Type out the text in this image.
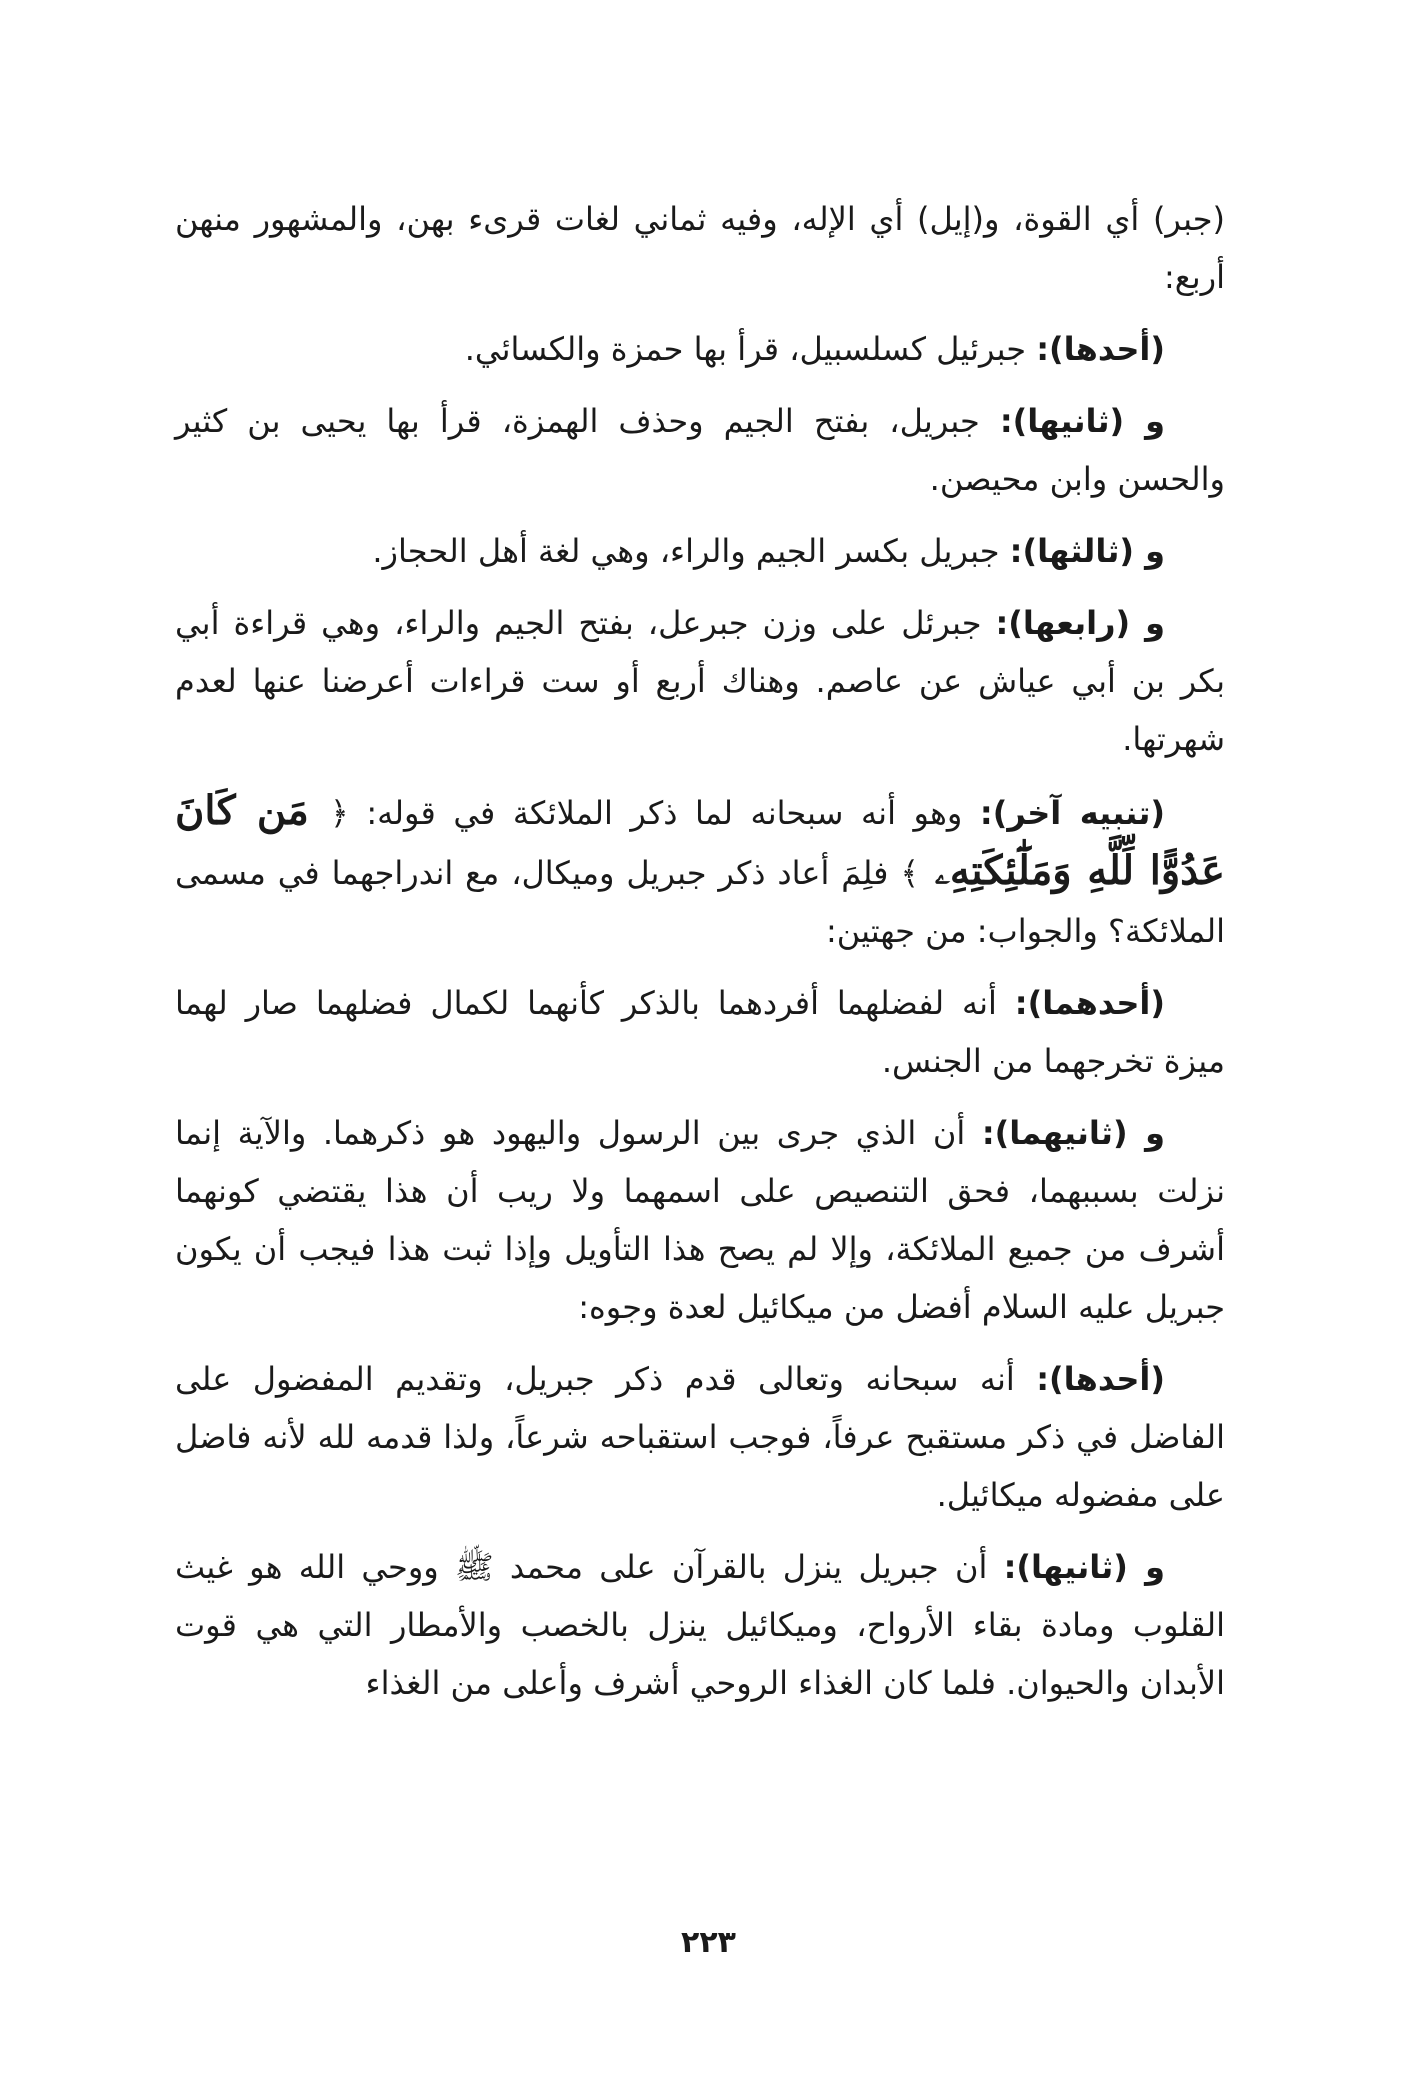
(جبر) أي القوة، و(إيل) أي الإله، وفيه ثماني لغات قرىء بهن، والمشهور منهن أربع:

(أحدها): جبرئيل كسلسبيل، قرأ بها حمزة والكسائي.

و (ثانيها): جبريل، بفتح الجيم وحذف الهمزة، قرأ بها يحيى بن كثير والحسن وابن محيصن.

و (ثالثها): جبريل بكسر الجيم والراء، وهي لغة أهل الحجاز.

و (رابعها): جبرئل على وزن جبرعل، بفتح الجيم والراء، وهي قراءة أبي بكر بن أبي عياش عن عاصم. وهناك أربع أو ست قراءات أعرضنا عنها لعدم شهرتها.

(تنبيه آخر): وهو أنه سبحانه لما ذكر الملائكة في قوله: ﴿ مَن كَانَ عَدُوًّا لِّلَّهِ وَمَلَٰٓئِكَتِهِۦ ﴾ فلِمَ أعاد ذكر جبريل وميكال، مع اندراجهما في مسمى الملائكة؟ والجواب: من جهتين:

(أحدهما): أنه لفضلهما أفردهما بالذكر كأنهما لكمال فضلهما صار لهما ميزة تخرجهما من الجنس.

و (ثانيهما): أن الذي جرى بين الرسول واليهود هو ذكرهما. والآية إنما نزلت بسببهما، فحق التنصيص على اسمهما ولا ريب أن هذا يقتضي كونهما أشرف من جميع الملائكة، وإلا لم يصح هذا التأويل وإذا ثبت هذا فيجب أن يكون جبريل عليه السلام أفضل من ميكائيل لعدة وجوه:

(أحدها): أنه سبحانه وتعالى قدم ذكر جبريل، وتقديم المفضول على الفاضل في ذكر مستقبح عرفاً، فوجب استقباحه شرعاً، ولذا قدمه لله لأنه فاضل على مفضوله ميكائيل.

و (ثانيها): أن جبريل ينزل بالقرآن على محمد ﷺ ووحي الله هو غيث القلوب ومادة بقاء الأرواح، وميكائيل ينزل بالخصب والأمطار التي هي قوت الأبدان والحيوان. فلما كان الغذاء الروحي أشرف وأعلى من الغذاء

٢٢٣
